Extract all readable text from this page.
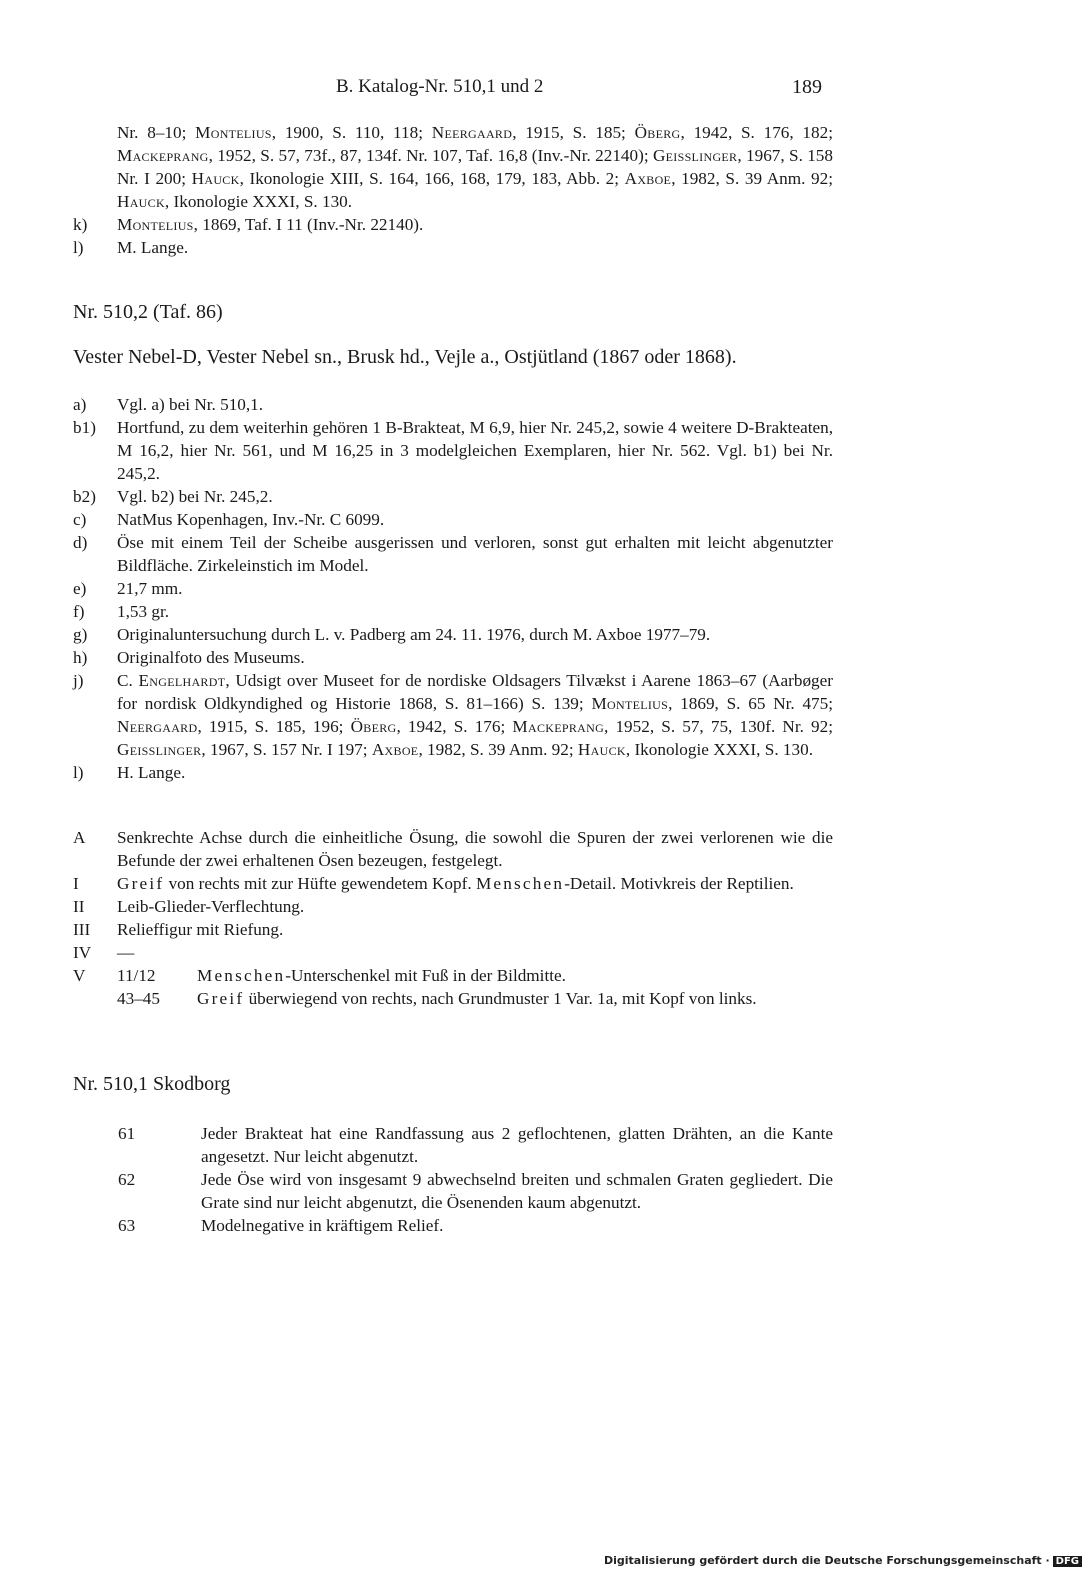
B. Katalog-Nr. 510,1 und 2	189
Nr. 8–10; Montelius, 1900, S. 110, 118; Neergaard, 1915, S. 185; Öberg, 1942, S. 176, 182; Mackeprang, 1952, S. 57, 73f., 87, 134f. Nr. 107, Taf. 16,8 (Inv.-Nr. 22140); Geisslinger, 1967, S. 158 Nr. I 200; Hauck, Ikonologie XIII, S. 164, 166, 168, 179, 183, Abb. 2; Axboe, 1982, S. 39 Anm. 92; Hauck, Ikonologie XXXI, S. 130.
k)	Montelius, 1869, Taf. I 11 (Inv.-Nr. 22140).
l)	M. Lange.
Nr. 510,2 (Taf. 86)
Vester Nebel-D, Vester Nebel sn., Brusk hd., Vejle a., Ostjütland (1867 oder 1868).
a)	Vgl. a) bei Nr. 510,1.
b1)	Hortfund, zu dem weiterhin gehören 1 B-Brakteat, M 6,9, hier Nr. 245,2, sowie 4 weitere D-Brakteaten, M 16,2, hier Nr. 561, und M 16,25 in 3 modelgleichen Exemplaren, hier Nr. 562. Vgl. b1) bei Nr. 245,2.
b2)	Vgl. b2) bei Nr. 245,2.
c)	NatMus Kopenhagen, Inv.-Nr. C 6099.
d)	Öse mit einem Teil der Scheibe ausgerissen und verloren, sonst gut erhalten mit leicht abgenutzter Bildfläche. Zirkeleinstich im Model.
e)	21,7 mm.
f)	1,53 gr.
g)	Originaluntersuchung durch L. v. Padberg am 24. 11. 1976, durch M. Axboe 1977–79.
h)	Originalfoto des Museums.
j)	C. Engelhardt, Udsigt over Museet for de nordiske Oldsagers Tilvækst i Aarene 1863–67 (Aarbøger for nordisk Oldkyndighed og Historie 1868, S. 81–166) S. 139; Montelius, 1869, S. 65 Nr. 475; Neergaard, 1915, S. 185, 196; Öberg, 1942, S. 176; Mackeprang, 1952, S. 57, 75, 130f. Nr. 92; Geisslinger, 1967, S. 157 Nr. I 197; Axboe, 1982, S. 39 Anm. 92; Hauck, Ikonologie XXXI, S. 130.
l)	H. Lange.
A	Senkrechte Achse durch die einheitliche Ösung, die sowohl die Spuren der zwei verlorenen wie die Befunde der zwei erhaltenen Ösen bezeugen, festgelegt.
I	Greif von rechts mit zur Hüfte gewendetem Kopf. Menschen-Detail. Motivkreis der Reptilien.
II	Leib-Glieder-Verflechtung.
III	Relieffigur mit Riefung.
IV	—
V	11/12	Menschen-Unterschenkel mit Fuß in der Bildmitte.
43–45	Greif überwiegend von rechts, nach Grundmuster 1 Var. 1a, mit Kopf von links.
Nr. 510,1 Skodborg
61	Jeder Brakteat hat eine Randfassung aus 2 geflochtenen, glatten Drähten, an die Kante angesetzt. Nur leicht abgenutzt.
62	Jede Öse wird von insgesamt 9 abwechselnd breiten und schmalen Graten gegliedert. Die Grate sind nur leicht abgenutzt, die Ösenenden kaum abgenutzt.
63	Modelnegative in kräftigem Relief.
Digitalisierung gefördert durch die Deutsche Forschungsgemeinschaft · DFG
